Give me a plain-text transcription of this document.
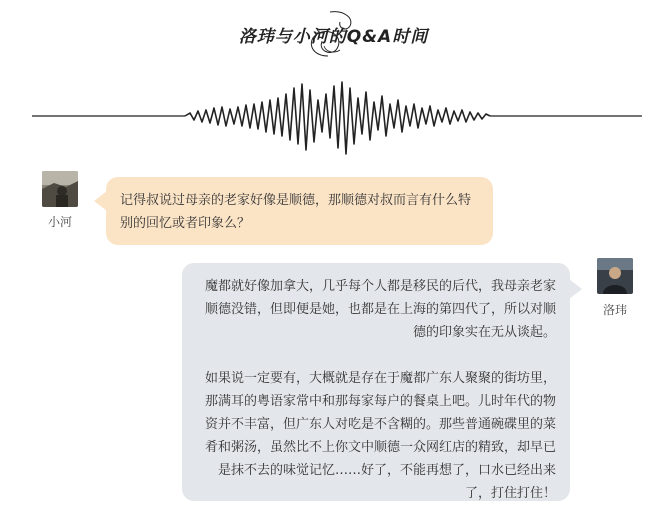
洛玮与小河的Q&A时间
小河

记得叔说过母亲的老家好像是顺德，那顺德对叔而言有什么特别的回忆或者印象么？

洛玮

魔都就好像加拿大，几乎每个人都是移民的后代，我母亲老家顺德没错，但即便是她，也都是在上海的第四代了，所以对顺德的印象实在无从谈起。

如果说一定要有，大概就是存在于魔都广东人聚聚的街坊里，那满耳的粤语家常中和那每家每户的餐桌上吧。儿时年代的物资并不丰富，但广东人对吃是不含糊的。那些普通碗碟里的菜肴和粥汤，虽然比不上你文中顺德一众网红店的精致，却早已是抹不去的味觉记忆……好了，不能再想了，口水已经出来了，打住打住！
